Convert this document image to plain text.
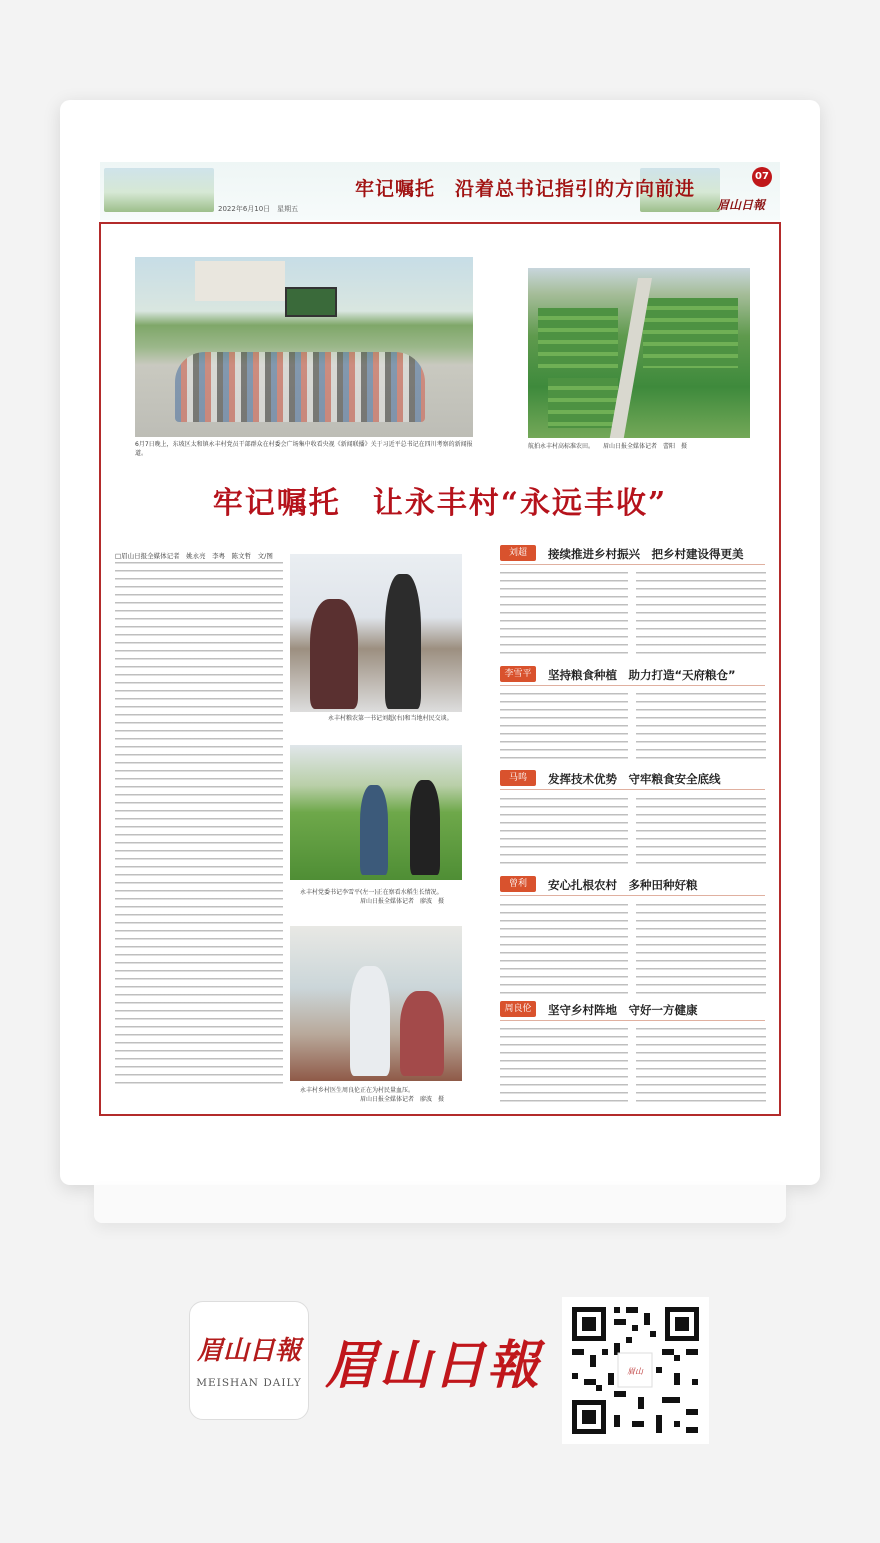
牢记嘱托　沿着总书记指引的方向前进
2022年6月10日　星期五
07
眉山日報
6月7日晚上，东坡区太和镇永丰村党员干部群众在村委会广场集中收看央视《新闻联播》关于习近平总书记在四川考察的新闻报道。
航拍永丰村高标准农田。　　眉山日报全媒体记者　蕾阳　摄
牢记嘱托　让永丰村“永远丰收”
□眉山日报全媒体记者　姚永亮　李粤　陈文哲　文/图
永丰村粮农第一书记刘超(右)和当地村民交谈。
永丰村党委书记李雪平(左一)正在察看水稻生长情况。
眉山日报全媒体记者　廖波　摄
永丰村乡村医生周良伦正在为村民量血压。
眉山日报全媒体记者　廖波　摄
刘超	接续推进乡村振兴　把乡村建设得更美
李雪平	坚持粮食种植　助力打造“天府粮仓”
马鸣	发挥技术优势　守牢粮食安全底线
曾利	安心扎根农村　多种田种好粮
周良伦	坚守乡村阵地　守好一方健康
眉山日報
MEISHAN DAILY 眉山日報	眉山
